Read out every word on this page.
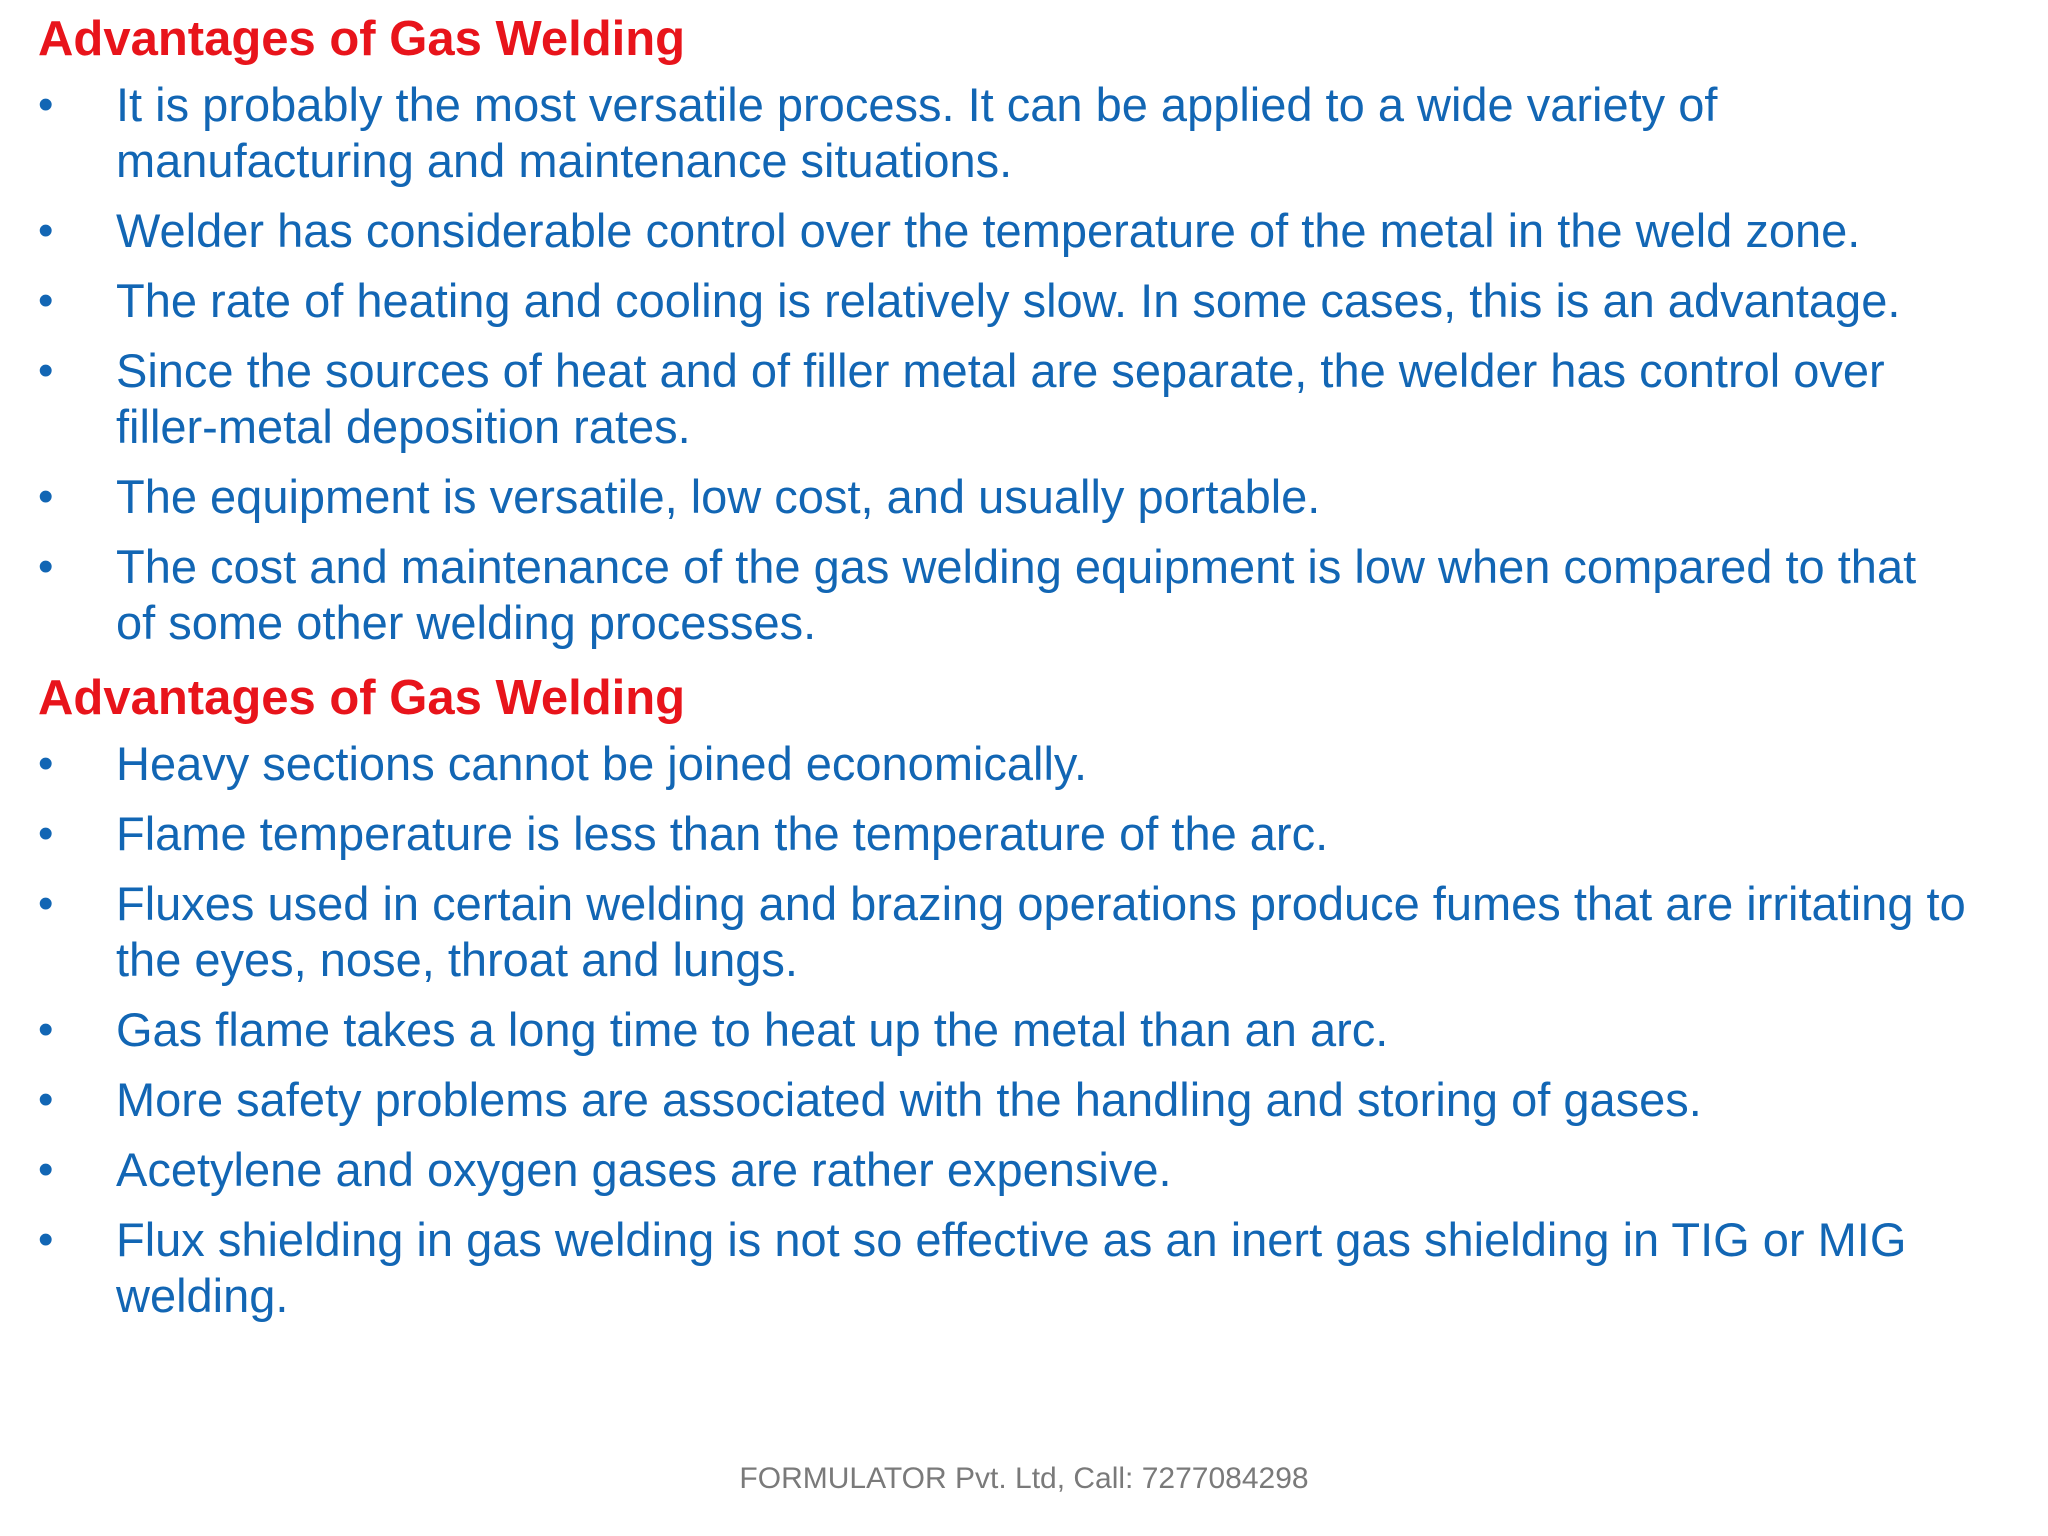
Advantages of Gas Welding
• It is probably the most versatile process. It can be applied to a wide variety of manufacturing and maintenance situations.
• Welder has considerable control over the temperature of the metal in the weld zone.
• The rate of heating and cooling is relatively slow. In some cases, this is an advantage.
• Since the sources of heat and of filler metal are separate, the welder has control over filler-metal deposition rates.
• The equipment is versatile, low cost, and usually portable.
• The cost and maintenance of the gas welding equipment is low when compared to that of some other welding processes.
Advantages of Gas Welding
• Heavy sections cannot be joined economically.
• Flame temperature is less than the temperature of the arc.
• Fluxes used in certain welding and brazing operations produce fumes that are irritating to the eyes, nose, throat and lungs.
• Gas flame takes a long time to heat up the metal than an arc.
• More safety problems are associated with the handling and storing of gases.
• Acetylene and oxygen gases are rather expensive.
• Flux shielding in gas welding is not so effective as an inert gas shielding in TIG or MIG welding.
FORMULATOR Pvt. Ltd, Call: 7277084298
